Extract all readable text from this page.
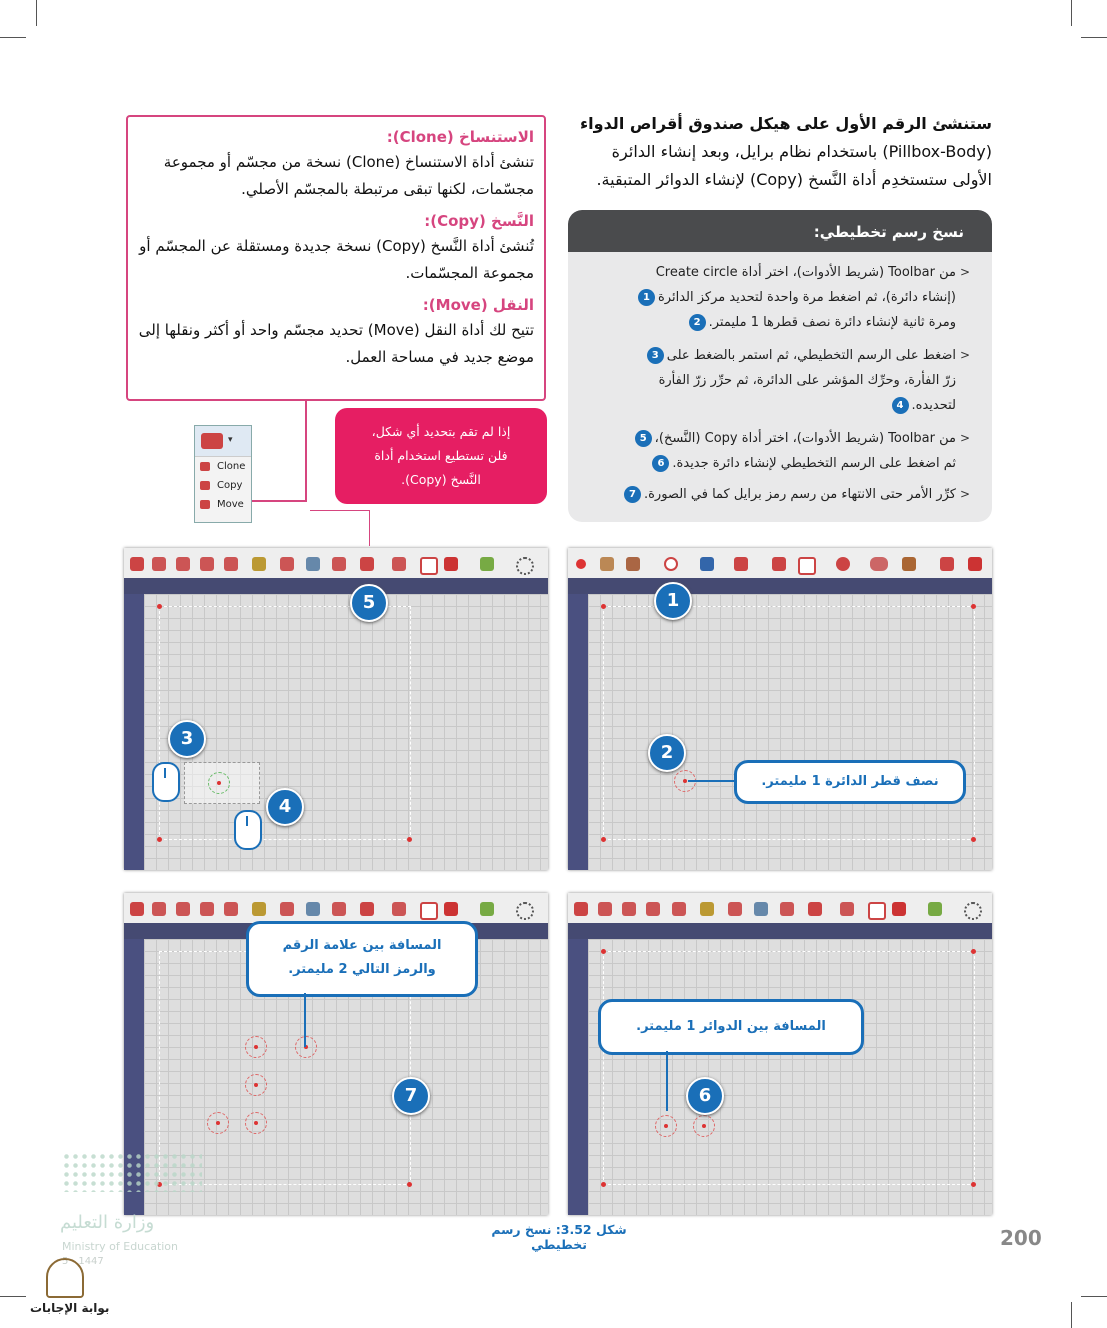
ستنشئ الرقم الأول على هيكل صندوق أقراص الدواء
(Pillbox-Body) باستخدام نظام برايل، وبعد إنشاء الدائرة
الأولى ستستخدِم أداة النَّسخ (Copy) لإنشاء الدوائر المتبقية.
نسخ رسم تخطيطي:
< من Toolbar (شريط الأدوات)، اختر أداة Create circle
(إنشاء دائرة)، ثم اضغط مرة واحدة لتحديد مركز الدائرة1
ومرة ثانية لإنشاء دائرة نصف قطرها 1 مليمتر.2
< اضغط على الرسم التخطيطي، ثم استمر بالضغط على3
زرّ الفأرة، وحرِّك المؤشر على الدائرة، ثم حرِّر زرّ الفأرة
لتحديده.4
< من Toolbar (شريط الأدوات)، اختر أداة Copy (النَّسخ)،5
ثم اضغط على الرسم التخطيطي لإنشاء دائرة جديدة.6
< كرِّر الأمر حتى الانتهاء من رسم رمز برايل كما في الصورة.7
الاستنساخ (Clone):

تنشئ أداة الاستنساخ (Clone) نسخة من مجسّم أو مجموعة مجسّمات، لكنها تبقى مرتبطة بالمجسّم الأصلي.

النَّسخ (Copy):

تُنشئ أداة النَّسخ (Copy) نسخة جديدة ومستقلة عن المجسّم أو مجموعة المجسّمات.

النقل (Move):

تتيح لك أداة النقل (Move) تحديد مجسّم واحد أو أكثر ونقلها إلى موضع جديد في مساحة العمل.

إذا لم تقم بتحديد أي شكل،
فلن تستطيع استخدام أداة
النَّسخ (Copy).
▾
Clone
Copy
Move
1
2
نصف قطر الدائرة 1 مليمتر.
5
3
4
المسافة بين الدوائر 1 مليمتر.
6
المسافة بين علامة الرقم
والرمز التالي 2 مليمتر.
7
شكل 3.52: نسخ رسم تخطيطي	200
وزارة التعليم
Ministry of Education
5 - 1447
بوابة الإجابات
